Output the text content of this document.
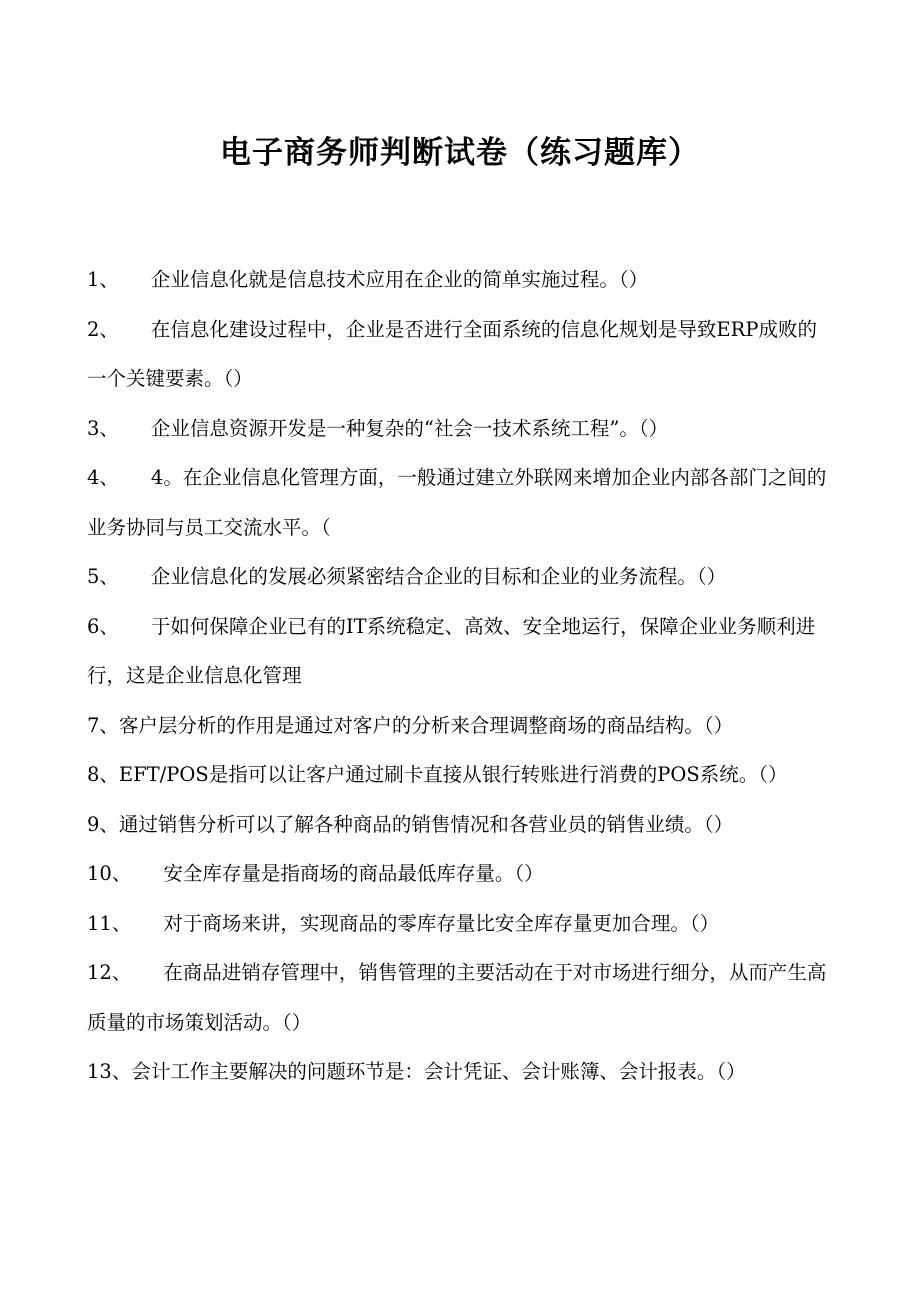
电子商务师判断试卷（练习题库）

1、 企业信息化就是信息技术应用在企业的简单实施过程。（）

2、 在信息化建设过程中，企业是否进行全面系统的信息化规划是导致ERP成败的一个关键要素。（）

3、 企业信息资源开发是一种复杂的“社会一技术系统工程”。（）

4、 4。在企业信息化管理方面，一般通过建立外联网来增加企业内部各部门之间的业务协同与员工交流水平。（

5、 企业信息化的发展必须紧密结合企业的目标和企业的业务流程。（）

6、 于如何保障企业已有的IT系统稳定、高效、安全地运行，保障企业业务顺利进行，这是企业信息化管理

7、客户层分析的作用是通过对客户的分析来合理调整商场的商品结构。（）

8、EFT/POS是指可以让客户通过刷卡直接从银行转账进行消费的POS系统。（）

9、通过销售分析可以了解各种商品的销售情况和各营业员的销售业绩。（）

10、 安全库存量是指商场的商品最低库存量。（）

11、 对于商场来讲，实现商品的零库存量比安全库存量更加合理。（）

12、 在商品进销存管理中，销售管理的主要活动在于对市场进行细分，从而产生高质量的市场策划活动。（）

13、会计工作主要解决的问题环节是：会计凭证、会计账簿、会计报表。（）
